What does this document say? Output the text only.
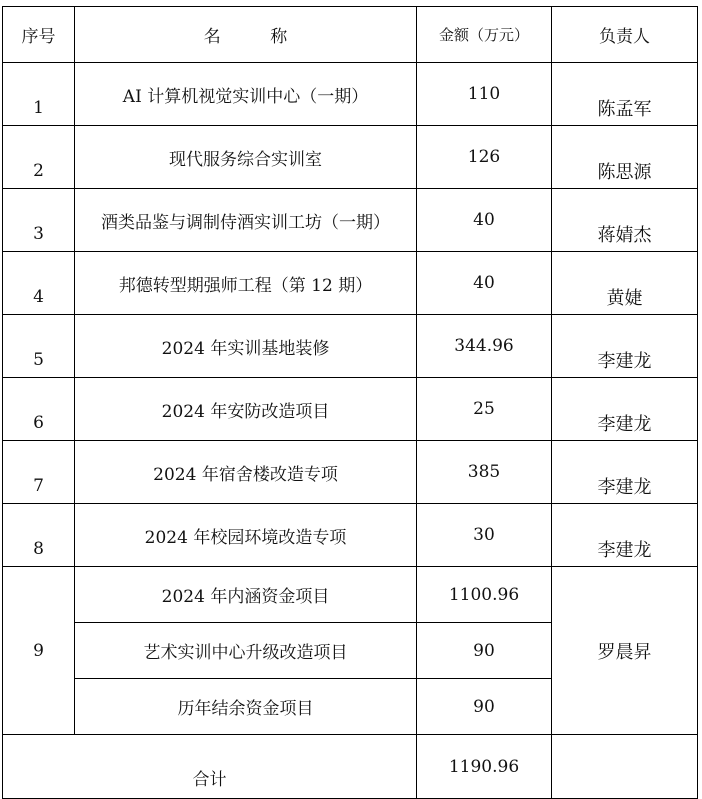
序号	名 称	金额（万元）	负责人
1	AI 计算机视觉实训中心（一期）	110	陈孟军
2	现代服务综合实训室	126	陈思源
3	酒类品鉴与调制侍酒实训工坊（一期）	40	蒋婧杰
4	邦德转型期强师工程（第 12 期）	40	黄婕
5	2024 年实训基地装修	344.96	李建龙
6	2024 年安防改造项目	25	李建龙
7	2024 年宿舍楼改造专项	385	李建龙
8	2024 年校园环境改造专项	30	李建龙
9	2024 年内涵资金项目	1100.96	罗晨昇
	艺术实训中心升级改造项目	90	
	历年结余资金项目	90	
合计		1190.96	
